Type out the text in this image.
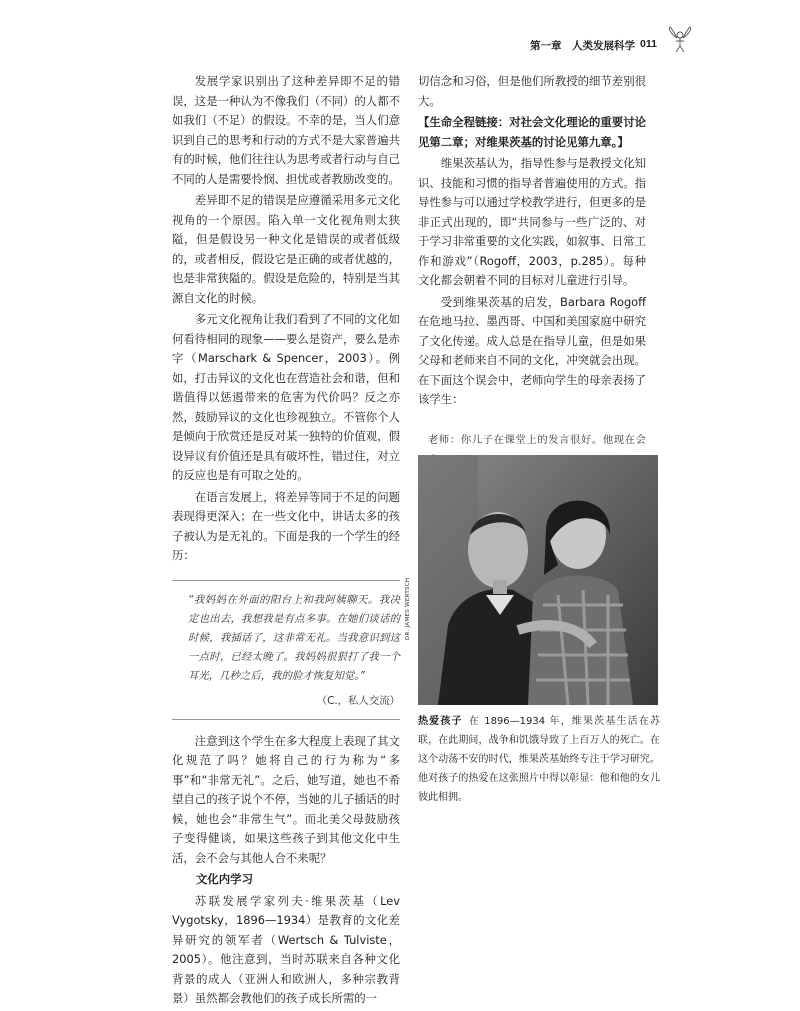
第一章　人类发展科学 011

发展学家识别出了这种差异即不足的错误，这是一种认为不像我们（不同）的人都不如我们（不足）的假设。不幸的是，当人们意识到自己的思考和行动的方式不是大家普遍共有的时候，他们往往认为思考或者行动与自己不同的人是需要怜悯、担忧或者教励改变的。

差异即不足的错误是应遵循采用多元文化视角的一个原因。陷入单一文化视角则太狭隘，但是假设另一种文化是错误的或者低级的，或者相反，假设它是正确的或者优越的，也是非常狭隘的。假设是危险的，特别是当其源自文化的时候。

多元文化视角让我们看到了不同的文化如何看待相同的现象——要么是资产，要么是赤字（Marschark & Spencer，2003）。例如，打击异议的文化也在营造社会和谐，但和谐值得以惩遏带来的危害为代价吗？反之亦然，鼓励异议的文化也珍视独立。不管你个人是倾向于欣赏还是反对某一独特的价值观，假设异议有价值还是具有破坏性，错过住，对立的反应也是有可取之处的。

在语言发展上，将差异等同于不足的问题表现得更深入；在一些文化中，讲话太多的孩子被认为是无礼的。下面是我的一个学生的经历：

“我妈妈在外面的阳台上和我阿姨聊天。我决定也出去，我想我是有点多事。在她们谈话的时候，我插话了，这非常无礼。当我意识到这一点时，已经太晚了。我妈妈很狠打了我一个耳光，几秒之后，我的脸才恢复知觉。”

（C.，私人交流）

注意到这个学生在多大程度上表现了其文化规范了吗？她将自己的行为称为“多事”和“非常无礼”。之后，她写道，她也不希望自己的孩子说个不停，当她的儿子插话的时候，她也会“非常生气”。而北美父母鼓励孩子变得健谈，如果这些孩子到其他文化中生活，会不会与其他人合不来呢？

文化内学习

苏联发展学家列夫·维果茨基（Lev Vygotsky，1896—1934）是教育的文化差异研究的领军者（Wertsch & Tulviste，2005）。他注意到，当时苏联来自各种文化背景的成人（亚洲人和欧洲人，多种宗教背景）虽然都会教他们的孩子成长所需的一

切信念和习俗，但是他们所教授的细节差别很大。

【生命全程链接：对社会文化理论的重要讨论见第二章；对维果茨基的讨论见第九章。】

维果茨基认为，指导性参与是教授文化知识、技能和习惯的指导者普遍使用的方式。指导性参与可以通过学校教学进行，但更多的是非正式出现的，即“共同参与一些广泛的、对于学习非常重要的文化实践，如叙事、日常工作和游戏”（Rogoff，2003，p.285）。每种文化都会朝着不同的目标对儿童进行引导。

受到维果茨基的启发，Barbara Rogoff 在危地马拉、墨西哥、中国和美国家庭中研究了文化传递。成人总是在指导儿童，但是如果父母和老师来自不同的文化，冲突就会出现。在下面这个误会中，老师向学生的母亲表扬了该学生：

老师：你儿子在课堂上的发言很好。他现在会

DR. JAMES WERTSCH
热爱孩子 在 1896—1934 年，维果茨基生活在苏联，在此期间，战争和饥饿导致了上百万人的死亡。在这个动荡不安的时代，维果茨基始终专注于学习研究。他对孩子的热爱在这张照片中得以彰显：他和他的女儿彼此相拥。
